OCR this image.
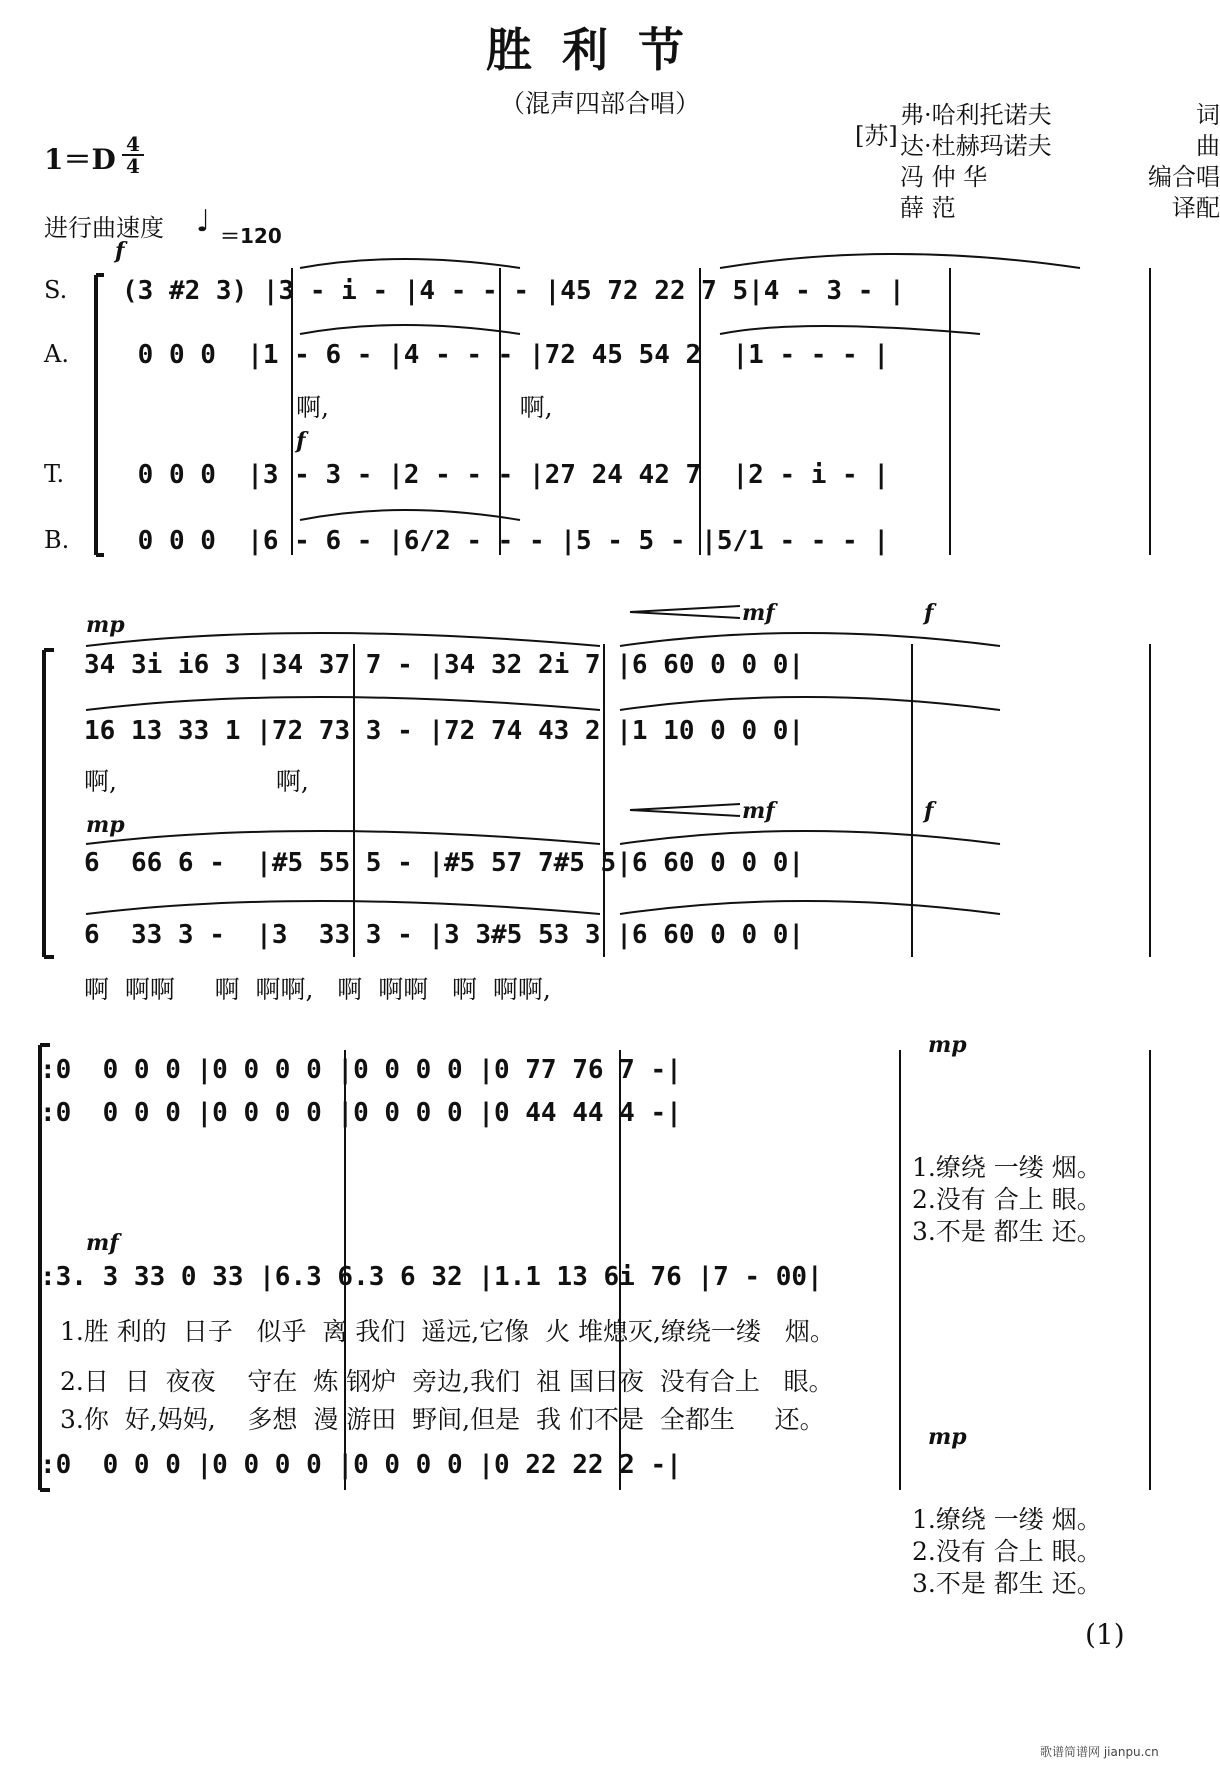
胜利节
（混声四部合唱）
[苏]
弗·哈利托诺夫	词
达·杜赫玛诺夫	曲
冯 仲 华	编合唱
薛 范	译配
1＝D 4
4
进行曲速度 ♩ ＝120
S.
A.
T.
B.
f
f
(3 #2 3) |3 - i - |4 - - - |45 72 22 7 5|4 - 3 - |
0 0 0  |1 - 6 - |4 - - - |72 45 54 2  |1 - - - |
啊,                        啊,
0 0 0  |3 - 3 - |2 - - - |27 24 42 7  |2 - i - |
0 0 0  |6 - 6 - |6/2 - - - |5 - 5 - |5/1 - - - |
mp	mf	f
34 3i i6 3 |34 37 7 - |34 32 2i 7 |6 60 0 0 0|
16 13 33 1 |72 73 3 - |72 74 43 2 |1 10 0 0 0|
啊,                    啊,
mp
mf	f
6  66 6 -  |#5 55 5 - |#5 57 7#5 5|6 60 0 0 0|
6  33 3 -  |3  33 3 - |3 3#5 53 3 |6 60 0 0 0|
啊  啊啊     啊  啊啊,   啊  啊啊   啊  啊啊,
mp
:0  0 0 0 |0 0 0 0 |0 0 0 0 |0 77 76 7 -|
:0  0 0 0 |0 0 0 0 |0 0 0 0 |0 44 44 4 -|
1.缭绕 一缕 烟。
2.没有 合上 眼。
3.不是 都生 还。
mf
:3. 3 33 0 33 |6.3 6.3 6 32 |1.1 13 6i 76 |7 - 00|
1.胜 利的  日子   似乎  离 我们  遥远,它像  火 堆熄灭,缭绕一缕   烟。
2.日  日  夜夜    守在  炼 钢炉  旁边,我们  祖 国日夜  没有合上   眼。
3.你  好,妈妈,    多想  漫 游田  野间,但是  我 们不是  全都生     还。
mp
:0  0 0 0 |0 0 0 0 |0 0 0 0 |0 22 22 2 -|
1.缭绕 一缕 烟。
2.没有 合上 眼。
3.不是 都生 还。
(1)
歌谱简谱网 jianpu.cn
